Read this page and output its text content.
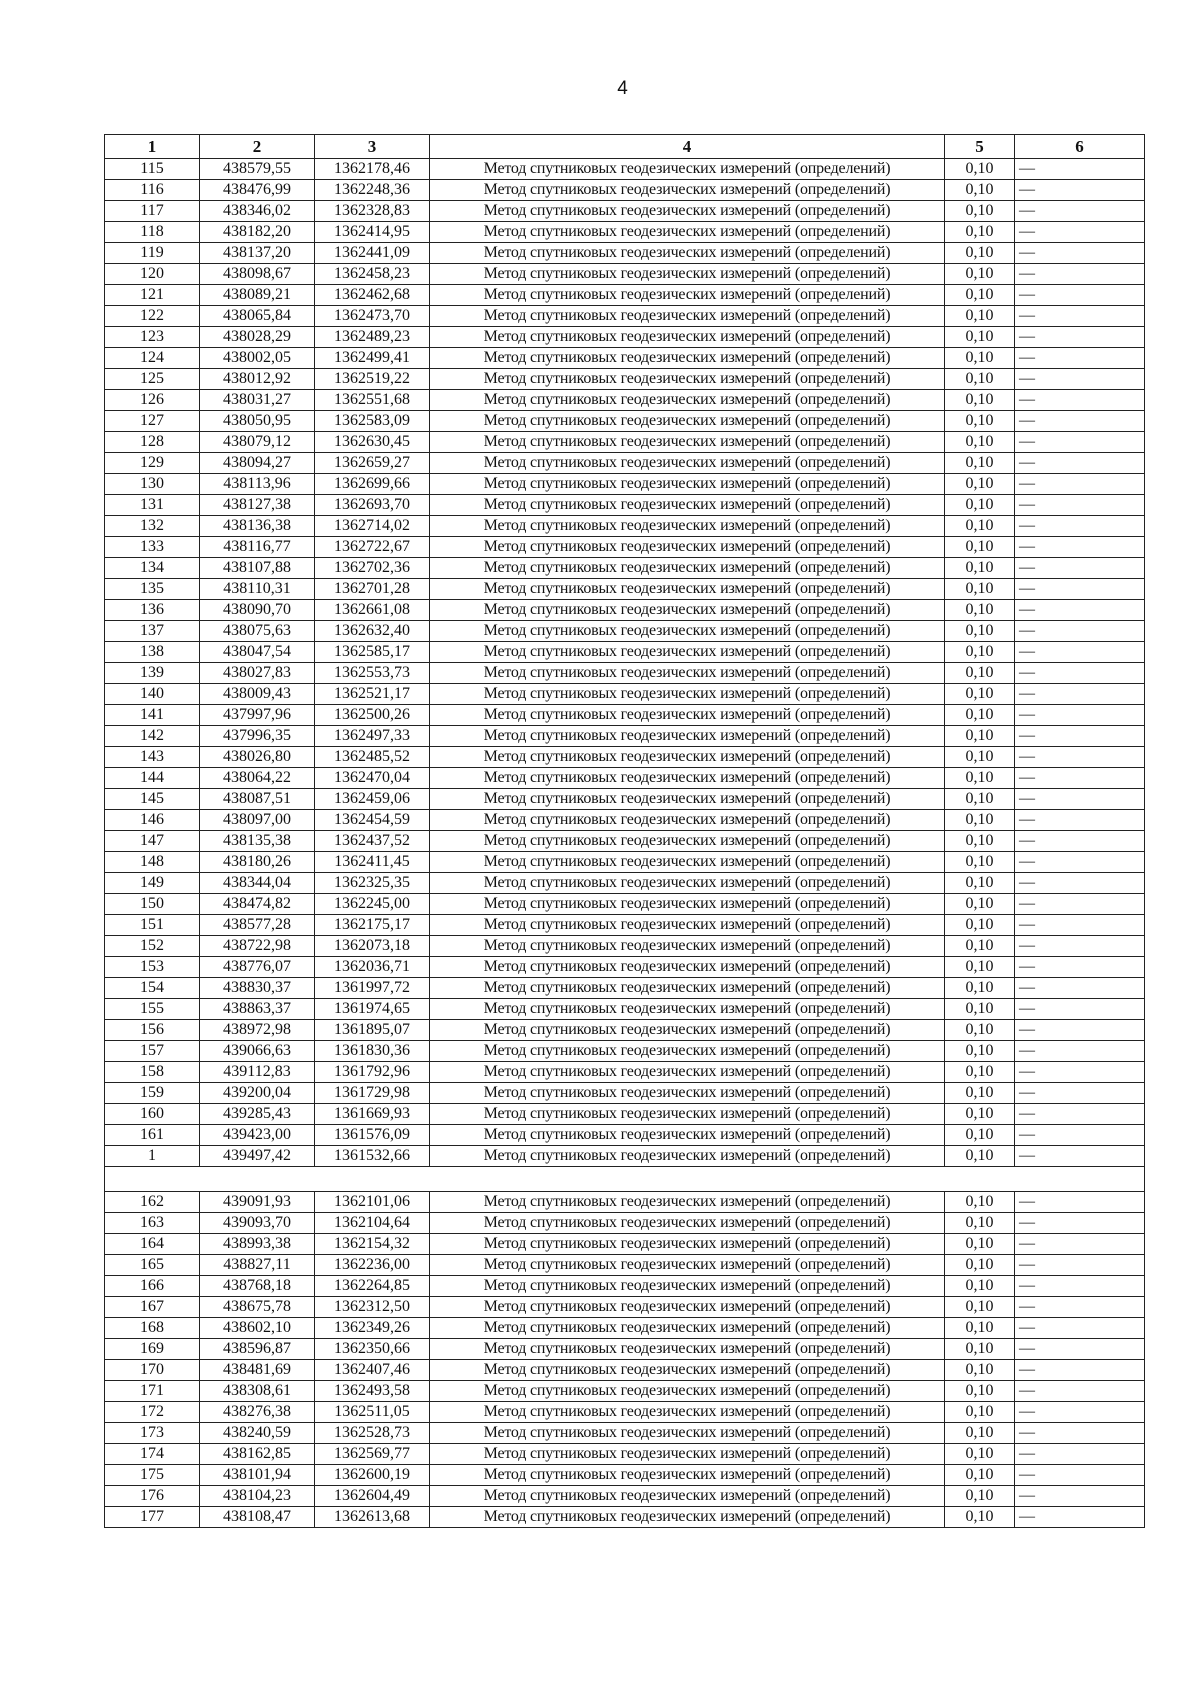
4
1	2	3	4	5	6
115	438579,55	1362178,46	Метод спутниковых геодезических измерений (определений)	0,10	—
116	438476,99	1362248,36	Метод спутниковых геодезических измерений (определений)	0,10	—
117	438346,02	1362328,83	Метод спутниковых геодезических измерений (определений)	0,10	—
118	438182,20	1362414,95	Метод спутниковых геодезических измерений (определений)	0,10	—
119	438137,20	1362441,09	Метод спутниковых геодезических измерений (определений)	0,10	—
120	438098,67	1362458,23	Метод спутниковых геодезических измерений (определений)	0,10	—
121	438089,21	1362462,68	Метод спутниковых геодезических измерений (определений)	0,10	—
122	438065,84	1362473,70	Метод спутниковых геодезических измерений (определений)	0,10	—
123	438028,29	1362489,23	Метод спутниковых геодезических измерений (определений)	0,10	—
124	438002,05	1362499,41	Метод спутниковых геодезических измерений (определений)	0,10	—
125	438012,92	1362519,22	Метод спутниковых геодезических измерений (определений)	0,10	—
126	438031,27	1362551,68	Метод спутниковых геодезических измерений (определений)	0,10	—
127	438050,95	1362583,09	Метод спутниковых геодезических измерений (определений)	0,10	—
128	438079,12	1362630,45	Метод спутниковых геодезических измерений (определений)	0,10	—
129	438094,27	1362659,27	Метод спутниковых геодезических измерений (определений)	0,10	—
130	438113,96	1362699,66	Метод спутниковых геодезических измерений (определений)	0,10	—
131	438127,38	1362693,70	Метод спутниковых геодезических измерений (определений)	0,10	—
132	438136,38	1362714,02	Метод спутниковых геодезических измерений (определений)	0,10	—
133	438116,77	1362722,67	Метод спутниковых геодезических измерений (определений)	0,10	—
134	438107,88	1362702,36	Метод спутниковых геодезических измерений (определений)	0,10	—
135	438110,31	1362701,28	Метод спутниковых геодезических измерений (определений)	0,10	—
136	438090,70	1362661,08	Метод спутниковых геодезических измерений (определений)	0,10	—
137	438075,63	1362632,40	Метод спутниковых геодезических измерений (определений)	0,10	—
138	438047,54	1362585,17	Метод спутниковых геодезических измерений (определений)	0,10	—
139	438027,83	1362553,73	Метод спутниковых геодезических измерений (определений)	0,10	—
140	438009,43	1362521,17	Метод спутниковых геодезических измерений (определений)	0,10	—
141	437997,96	1362500,26	Метод спутниковых геодезических измерений (определений)	0,10	—
142	437996,35	1362497,33	Метод спутниковых геодезических измерений (определений)	0,10	—
143	438026,80	1362485,52	Метод спутниковых геодезических измерений (определений)	0,10	—
144	438064,22	1362470,04	Метод спутниковых геодезических измерений (определений)	0,10	—
145	438087,51	1362459,06	Метод спутниковых геодезических измерений (определений)	0,10	—
146	438097,00	1362454,59	Метод спутниковых геодезических измерений (определений)	0,10	—
147	438135,38	1362437,52	Метод спутниковых геодезических измерений (определений)	0,10	—
148	438180,26	1362411,45	Метод спутниковых геодезических измерений (определений)	0,10	—
149	438344,04	1362325,35	Метод спутниковых геодезических измерений (определений)	0,10	—
150	438474,82	1362245,00	Метод спутниковых геодезических измерений (определений)	0,10	—
151	438577,28	1362175,17	Метод спутниковых геодезических измерений (определений)	0,10	—
152	438722,98	1362073,18	Метод спутниковых геодезических измерений (определений)	0,10	—
153	438776,07	1362036,71	Метод спутниковых геодезических измерений (определений)	0,10	—
154	438830,37	1361997,72	Метод спутниковых геодезических измерений (определений)	0,10	—
155	438863,37	1361974,65	Метод спутниковых геодезических измерений (определений)	0,10	—
156	438972,98	1361895,07	Метод спутниковых геодезических измерений (определений)	0,10	—
157	439066,63	1361830,36	Метод спутниковых геодезических измерений (определений)	0,10	—
158	439112,83	1361792,96	Метод спутниковых геодезических измерений (определений)	0,10	—
159	439200,04	1361729,98	Метод спутниковых геодезических измерений (определений)	0,10	—
160	439285,43	1361669,93	Метод спутниковых геодезических измерений (определений)	0,10	—
161	439423,00	1361576,09	Метод спутниковых геодезических измерений (определений)	0,10	—
1	439497,42	1361532,66	Метод спутниковых геодезических измерений (определений)	0,10	—

162	439091,93	1362101,06	Метод спутниковых геодезических измерений (определений)	0,10	—
163	439093,70	1362104,64	Метод спутниковых геодезических измерений (определений)	0,10	—
164	438993,38	1362154,32	Метод спутниковых геодезических измерений (определений)	0,10	—
165	438827,11	1362236,00	Метод спутниковых геодезических измерений (определений)	0,10	—
166	438768,18	1362264,85	Метод спутниковых геодезических измерений (определений)	0,10	—
167	438675,78	1362312,50	Метод спутниковых геодезических измерений (определений)	0,10	—
168	438602,10	1362349,26	Метод спутниковых геодезических измерений (определений)	0,10	—
169	438596,87	1362350,66	Метод спутниковых геодезических измерений (определений)	0,10	—
170	438481,69	1362407,46	Метод спутниковых геодезических измерений (определений)	0,10	—
171	438308,61	1362493,58	Метод спутниковых геодезических измерений (определений)	0,10	—
172	438276,38	1362511,05	Метод спутниковых геодезических измерений (определений)	0,10	—
173	438240,59	1362528,73	Метод спутниковых геодезических измерений (определений)	0,10	—
174	438162,85	1362569,77	Метод спутниковых геодезических измерений (определений)	0,10	—
175	438101,94	1362600,19	Метод спутниковых геодезических измерений (определений)	0,10	—
176	438104,23	1362604,49	Метод спутниковых геодезических измерений (определений)	0,10	—
177	438108,47	1362613,68	Метод спутниковых геодезических измерений (определений)	0,10	—
